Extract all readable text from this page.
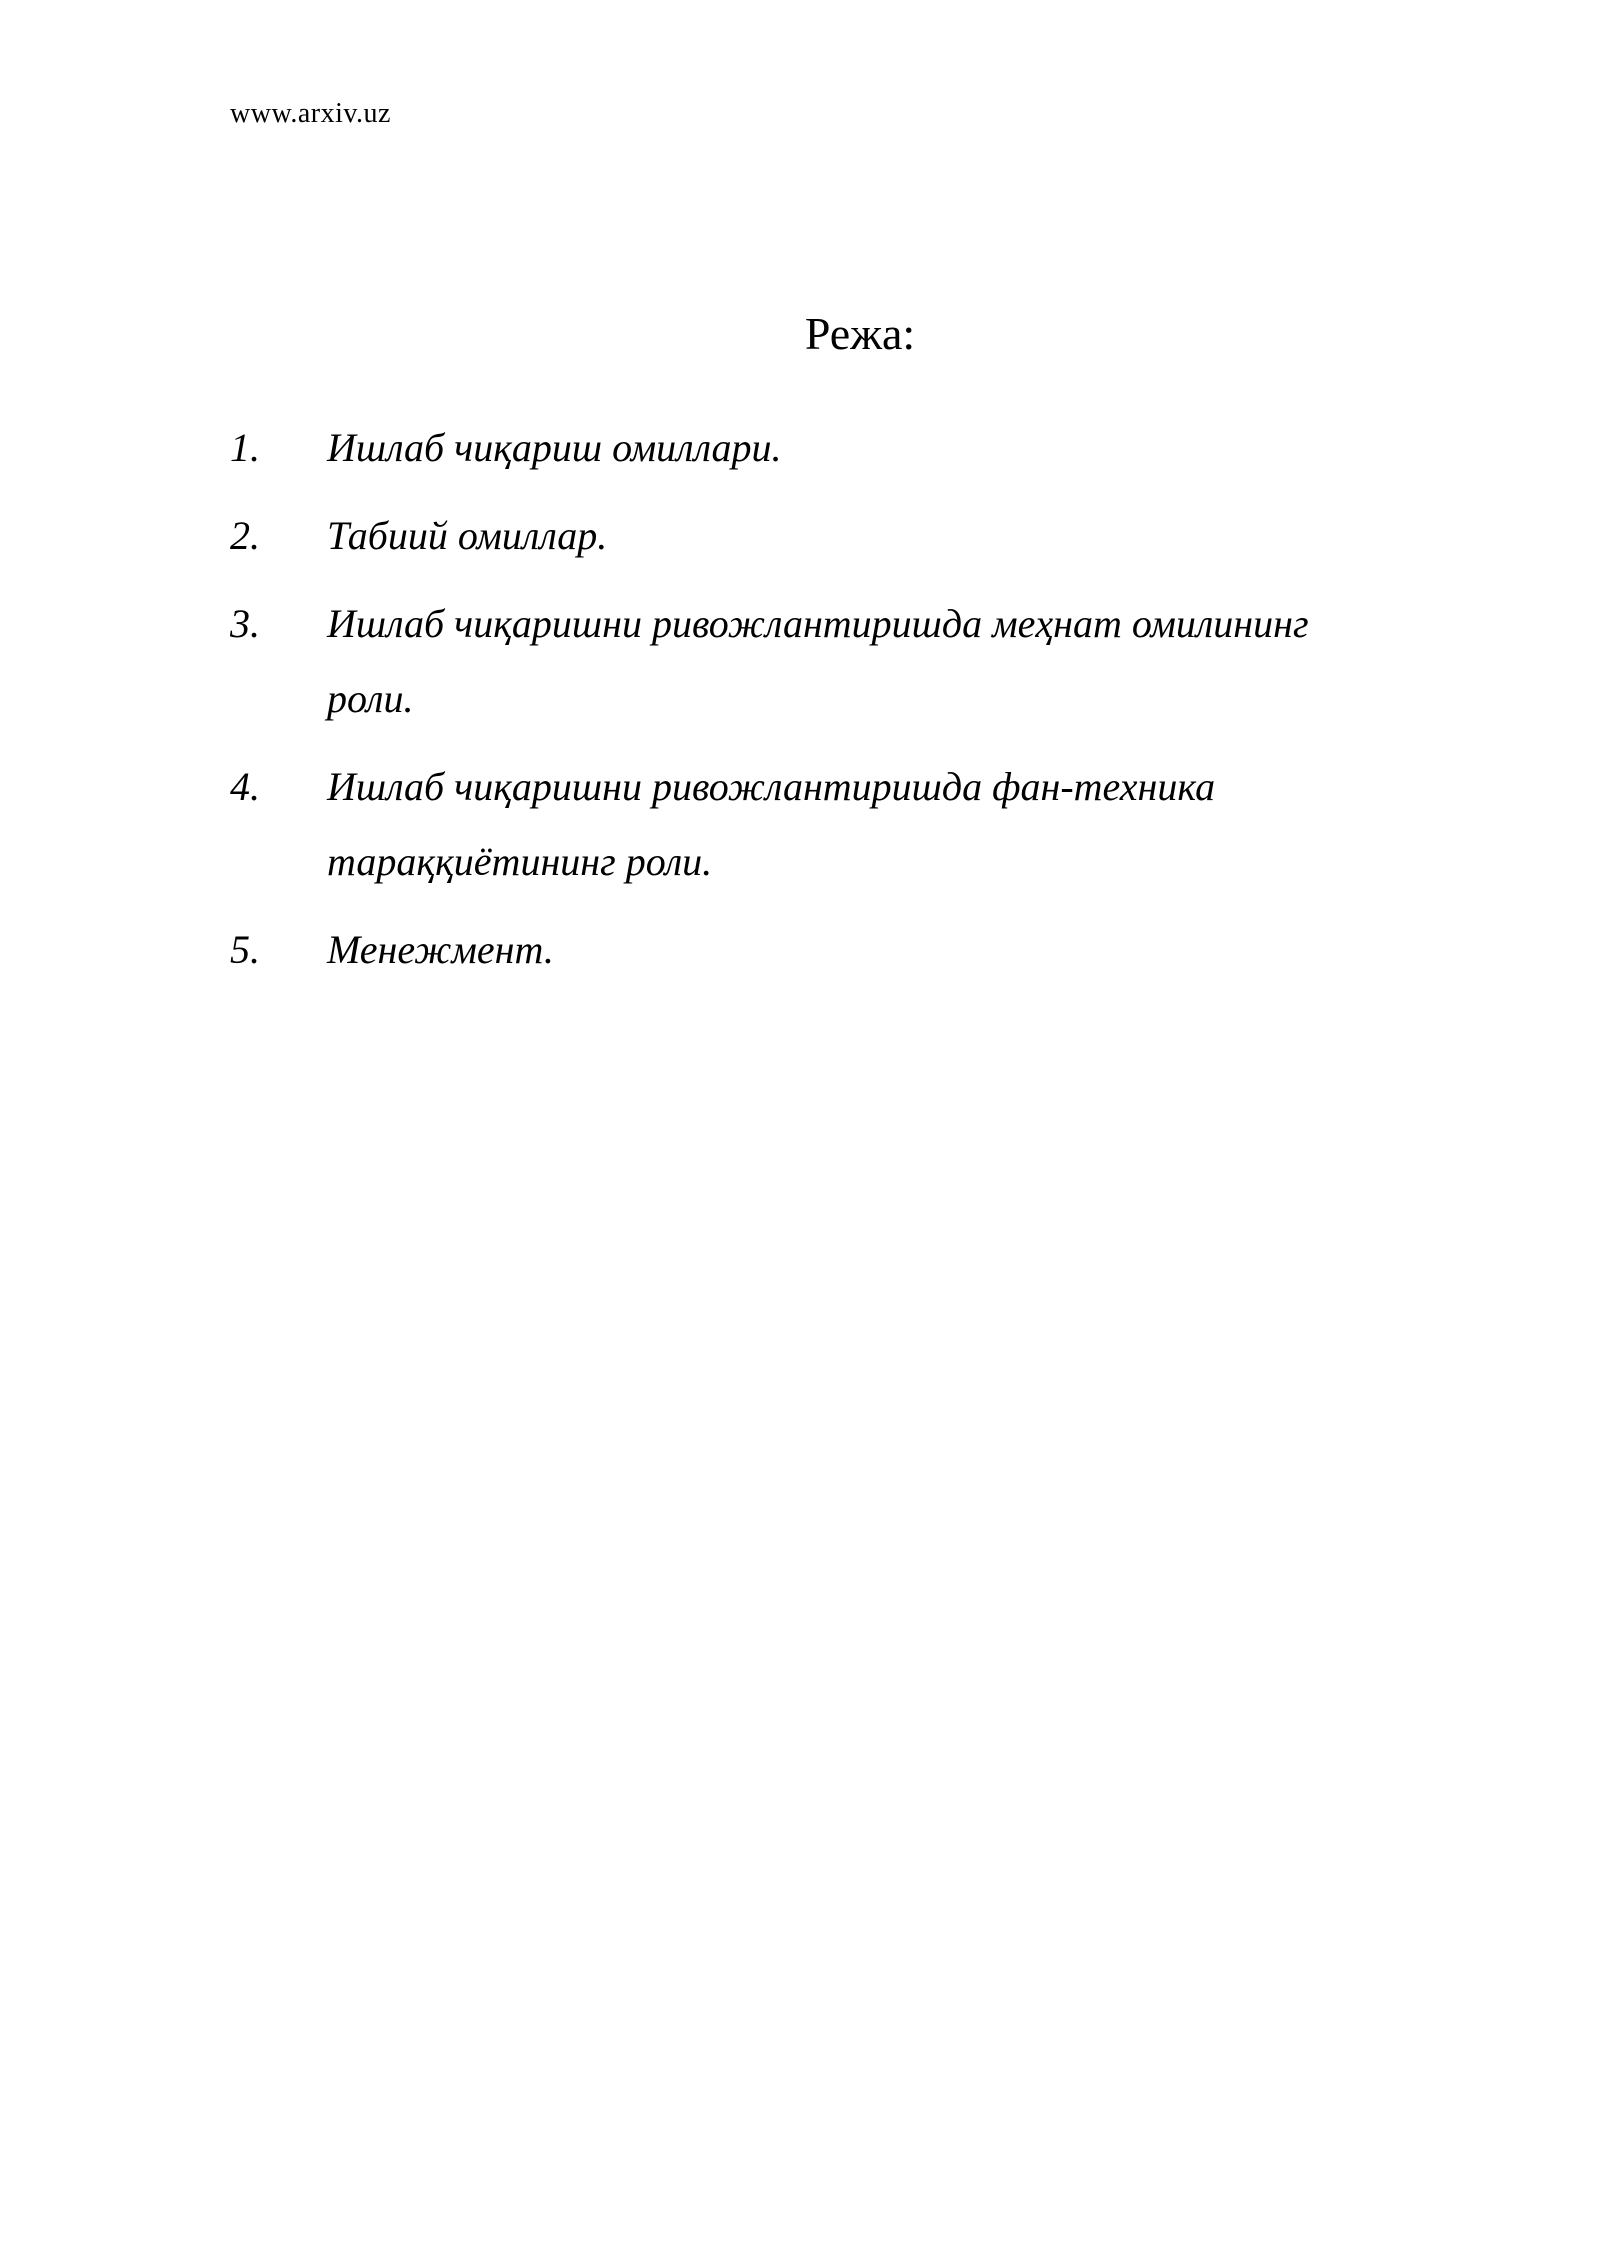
www.arxiv.uz
Режа:
1. Ишлаб чиқариш омиллари.
2. Табиий омиллар.
3. Ишлаб чиқаришни ривожлантиришда меҳнат омилининг роли.
4. Ишлаб чиқаришни ривожлантиришда фан-техника тараққиётининг роли.
5. Менежмент.
